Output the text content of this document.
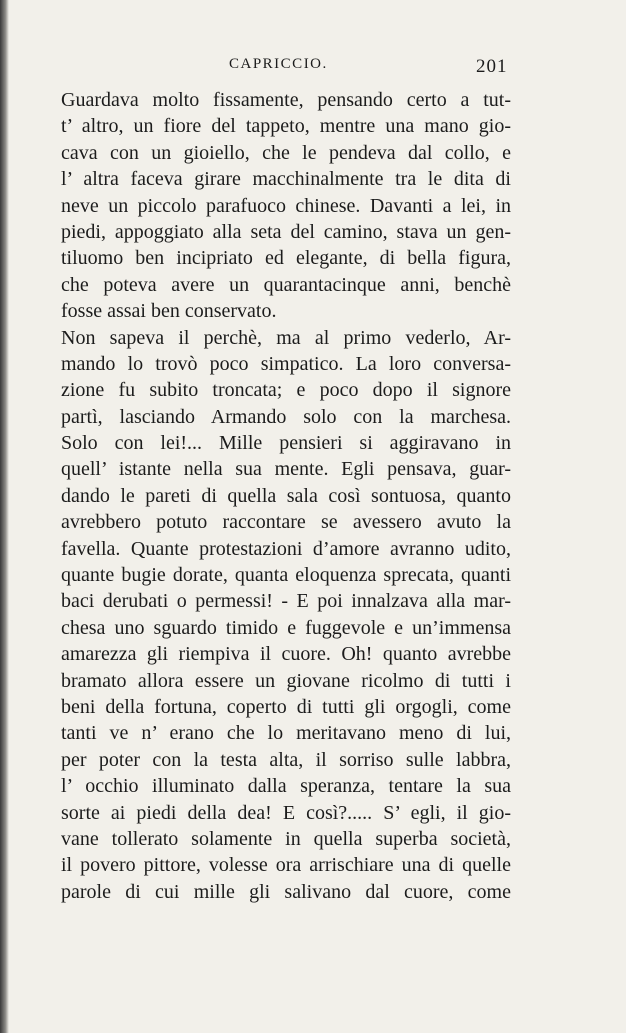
CAPRICCIO.	201
Guardava molto fissamente, pensando certo a tut-
t’ altro, un fiore del tappeto, mentre una mano gio-
cava con un gioiello, che le pendeva dal collo, e
l’ altra faceva girare macchinalmente tra le dita di
neve un piccolo parafuoco chinese. Davanti a lei, in
piedi, appoggiato alla seta del camino, stava un gen-
tiluomo ben incipriato ed elegante, di bella figura,
che poteva avere un quarantacinque anni, benchè
fosse assai ben conservato.
Non sapeva il perchè, ma al primo vederlo, Ar-
mando lo trovò poco simpatico. La loro conversa-
zione fu subito troncata; e poco dopo il signore
partì, lasciando Armando solo con la marchesa.
Solo con lei!... Mille pensieri si aggiravano in
quell’ istante nella sua mente. Egli pensava, guar-
dando le pareti di quella sala così sontuosa, quanto
avrebbero potuto raccontare se avessero avuto la
favella. Quante protestazioni d’amore avranno udito,
quante bugie dorate, quanta eloquenza sprecata, quanti
baci derubati o permessi! - E poi innalzava alla mar-
chesa uno sguardo timido e fuggevole e un’immensa
amarezza gli riempiva il cuore. Oh! quanto avrebbe
bramato allora essere un giovane ricolmo di tutti i
beni della fortuna, coperto di tutti gli orgogli, come
tanti ve n’ erano che lo meritavano meno di lui,
per poter con la testa alta, il sorriso sulle labbra,
l’ occhio illuminato dalla speranza, tentare la sua
sorte ai piedi della dea! E così?..... S’ egli, il gio-
vane tollerato solamente in quella superba società,
il povero pittore, volesse ora arrischiare una di quelle
parole di cui mille gli salivano dal cuore, come
